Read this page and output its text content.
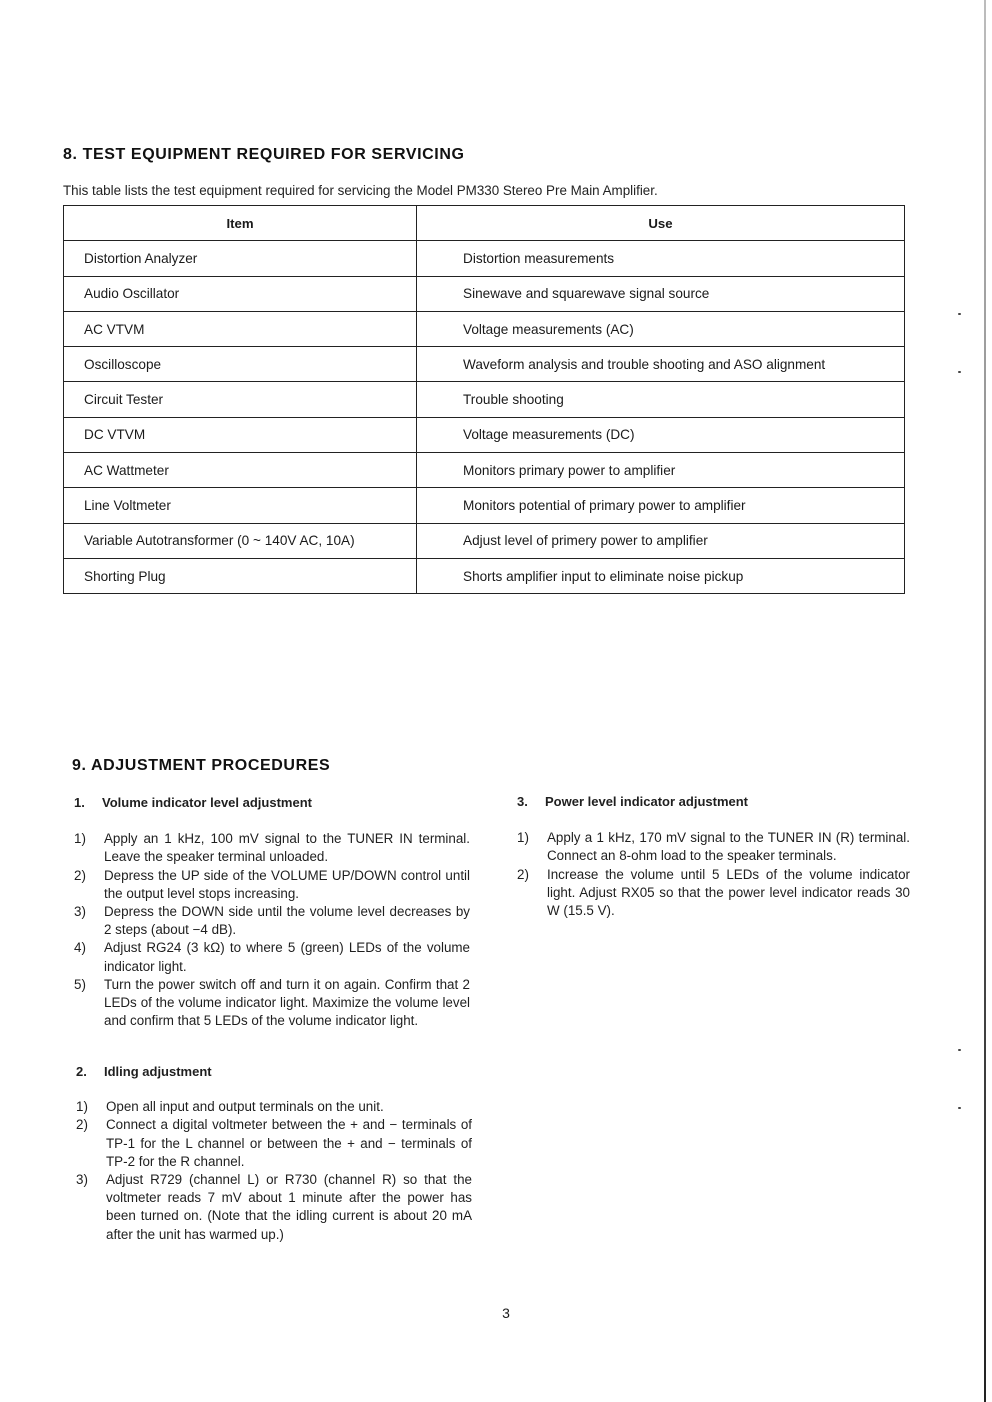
8. TEST EQUIPMENT REQUIRED FOR SERVICING

This table lists the test equipment required for servicing the Model PM330 Stereo Pre Main Amplifier.

Item	Use
Distortion Analyzer	Distortion measurements
Audio Oscillator	Sinewave and squarewave signal source
AC VTVM	Voltage measurements (AC)
Oscilloscope	Waveform analysis and trouble shooting and ASO alignment
Circuit Tester	Trouble shooting
DC VTVM	Voltage measurements (DC)
AC Wattmeter	Monitors primary power to amplifier
Line Voltmeter	Monitors potential of primary power to amplifier
Variable Autotransformer (0 ~ 140V AC, 10A)	Adjust level of primery power to amplifier
Shorting Plug	Shorts amplifier input to eliminate noise pickup
9. ADJUSTMENT PROCEDURES
1.	Volume indicator level adjustment
1)	Apply an 1 kHz, 100 mV signal to the TUNER IN terminal. Leave the speaker terminal unloaded.
2)	Depress the UP side of the VOLUME UP/DOWN control until the output level stops increasing.
3)	Depress the DOWN side until the volume level decreases by 2 steps (about −4 dB).
4)	Adjust RG24 (3 kΩ) to where 5 (green) LEDs of the volume indicator light.
5)	Turn the power switch off and turn it on again. Confirm that 2 LEDs of the volume indicator light. Maximize the volume level and confirm that 5 LEDs of the volume indicator light.
2.	Idling adjustment
1)	Open all input and output terminals on the unit.
2)	Connect a digital voltmeter between the + and − terminals of TP-1 for the L channel or between the + and − terminals of TP-2 for the R channel.
3)	Adjust R729 (channel L) or R730 (channel R) so that the voltmeter reads 7 mV about 1 minute after the power has been turned on. (Note that the idling current is about 20 mA after the unit has warmed up.)
3.	Power level indicator adjustment
1)	Apply a 1 kHz, 170 mV signal to the TUNER IN (R) terminal. Connect an 8-ohm load to the speaker terminals.
2)	Increase the volume until 5 LEDs of the volume indicator light. Adjust RX05 so that the power level indicator reads 30 W (15.5 V).

3
